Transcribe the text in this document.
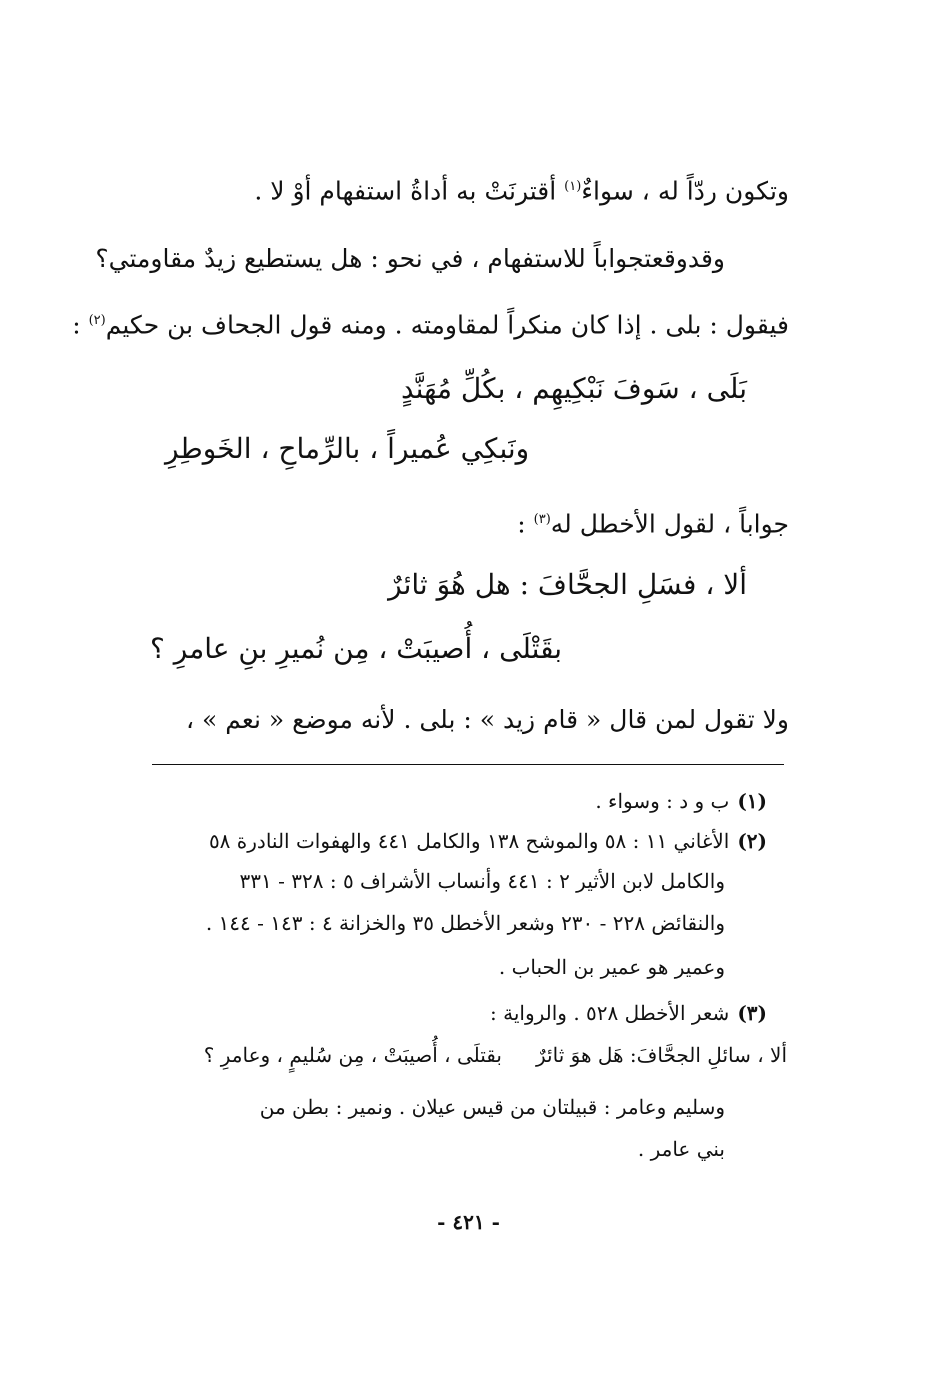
وتكون ردّاً له ، سواءٌ$^{(١)}$ أقترنَتْ به أداةُ استفهام أوْ لا .
وقدوقعتجواباً للاستفهام ، في نحو : هل يستطيع زيدٌ مقاومتي؟
فيقول : بلى . إذا كان منكراً لمقاومته . ومنه قول الجحاف بن حكيم$^{(٢)}$ :
بَلَى ، سَوفَ نَبْكِيهِم ، بكُلِّ مُهَنَّدٍ
ونَبكِي عُميراً ، بالرِّماحِ ، الخَوطِرِ
جواباً ، لقول الأخطل له$^{(٣)}$ :
ألا ، فسَلِ الجحَّافَ : هل هُوَ ثائرٌ
بقَتْلَى ، أُصيبَتْ ، مِن نُميرِ بنِ عامرِ ؟
ولا تقول لمن قال « قام زيد » : بلى . لأنه موضع « نعم » ،
(١)ب و د : وسواء .
(٢)الأغاني ١١ : ٥٨ والموشح ١٣٨ والكامل ٤٤١ والهفوات النادرة ٥٨
والكامل لابن الأثير ٢ : ٤٤١ وأنساب الأشراف ٥ : ٣٢٨ - ٣٣١
والنقائض ٢٢٨ - ٢٣٠ وشعر الأخطل ٣٥ والخزانة ٤ : ١٤٣ - ١٤٤ .
وعمير هو عمير بن الحباب .
(٣)شعر الأخطل ٥٢٨ . والرواية :
ألا ، سائلِ الجحَّافَ: هَل هوَ ثائرٌبقتلَى ، أُصيبَتْ ، مِن سُليمٍ ، وعامرِ ؟
وسليم وعامر : قبيلتان من قيس عيلان . ونمير : بطن من
بني عامر .
- ٤٢١ -
